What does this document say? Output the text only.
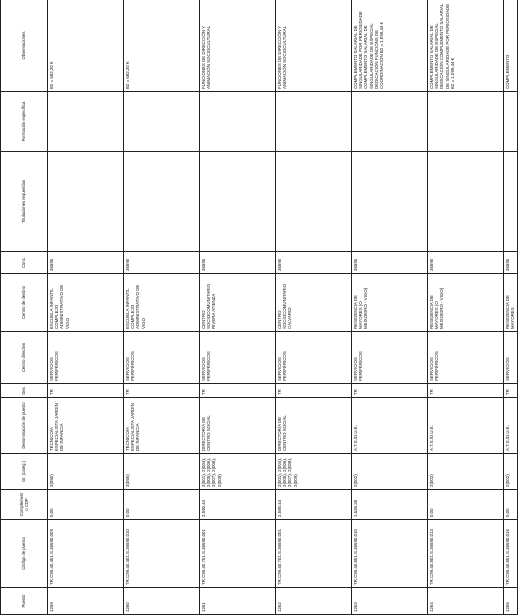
Puesto	Código de puesto	Complemento CDP	Gr. (categ.)	Denominación de puesto	Gex.	Centro directivo	Centro de destino	Conc.	Titulaciones requeridas	Formación específica	Observaciones
1259	TR.C99.40.401.S.36590.009	0.00	3(050)	TÉCNICO/A ESPECIALISTA JARDÍN DE INFANCIA	TR	SERVICIOS PERIFÉRICOS	ESCUELA INFANTIL COMPLEJO ADMINISTRATIVO DE VIGO	36590			B2 = 682,20 €
1260	TR.C99.40.401.S.36590.010	0.00	3(050)	TÉCNICO/A ESPECIALISTA JARDÍN DE INFANCIA	TR	SERVICIOS PERIFÉRICOS	ESCUELA INFANTIL COMPLEJO ADMINISTRATIVO DE VIGO	36590			B2 = 682,20 €
1261	TR.C99.40.701.S.36590.001	2.590.44	2(001), 2(004), 2(005), 2(006), 2(007), 2(008), 2(009)	DIRECTOR/A DE CENTRO SOCIAL	TR	SERVICIOS PERIFÉRICOS	CENTRO SOCIOCOMUNITARIO RIVERA ATIENZA	36590			FUNCIONES DE DIRECCIÓN Y ANIMACIÓN SOCIOCULTURAL
1262	TR.C99.40.701.S.36590.001	2.590.44	2(001), 2(004), 2(005), 2(006), 2(007), 2(008), 2(009)	DIRECTOR/A DE CENTRO SOCIAL	TR	SERVICIOS PERIFÉRICOS	CENTRO SOCIOCOMUNITARIO CALVARIO	36590			FUNCIONES DE DIRECCIÓN Y ANIMACIÓN SOCIOCULTURAL
1263	TR.C99.40.801.S.36590.010	1.535.28	2(002)	A.T.S./D.U.E.	TR	SERVICIOS PERIFÉRICOS	RESIDENCIA DE MAYORES (O MEIXOEIRO - VIGO)	36590			COMPLEMENTO SALARIAL DE SINGULARIDADE POR PERIOSIDADE COMPLEMENTO SALARIAL DE SINGULARIDADE DE ESPECIAL DEDICACIÓN FUNCIÓNS DE COORDINACIÓN B2 = 1.099,44 €
1264	TR.C99.40.801.S.36590.013	0.00	2(002)	A.T.S./D.U.E.	TR	SERVICIOS PERIFÉRICOS	RESIDENCIA DE MAYORES (O MEIXOEIRO - VIGO)	36590			COMPLEMENTO SALARIAL DE SINGULARIDADE DE ESPECIAL DEDICACIÓN COMPLEMENTO SALARIAL DE SINGULARIDADE POR PERIOSIDADE B2 = 1.099,44 €
1265	TR.C99.40.801.S.36590.016	0.00	2(002)	A.T.S./D.U.E.	TR	SERVICIOS	RESIDENCIA DE MAYORES	36590			COMPLEMENTO
